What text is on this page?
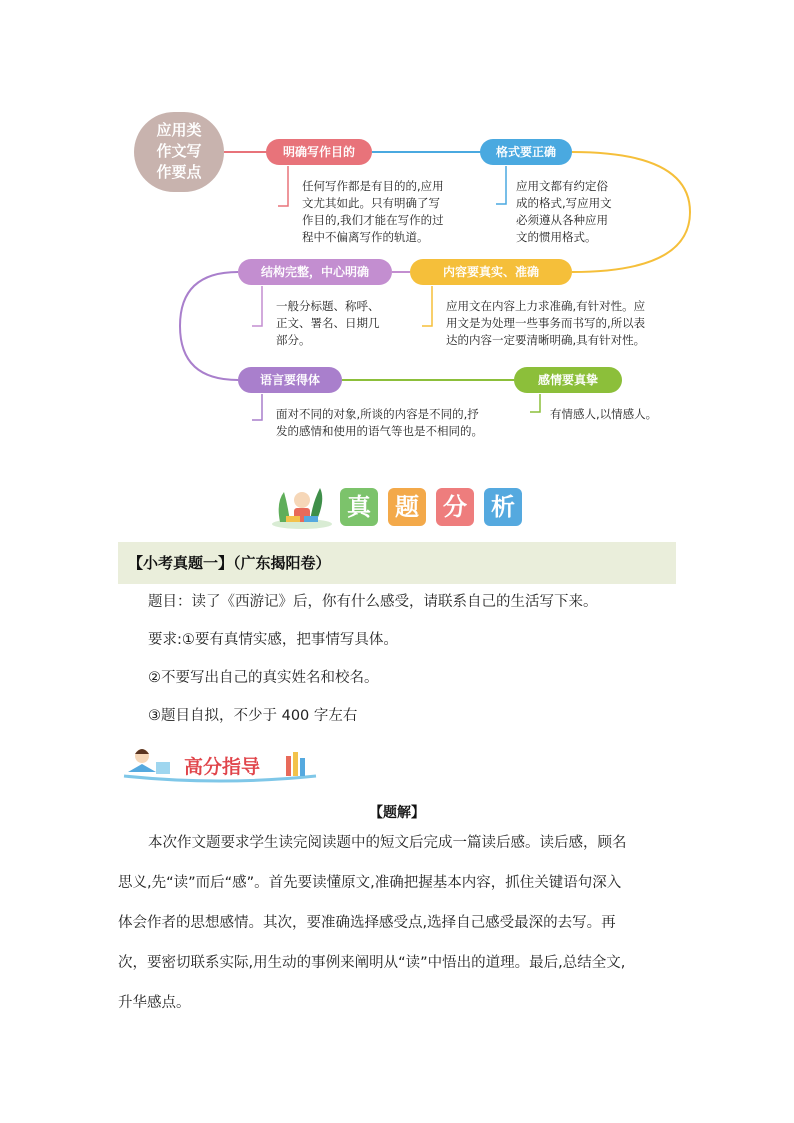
应用类
作文写
作要点
明确写作目的	格式要正确
结构完整，中心明确	内容要真实、准确
语言要得体	感情要真挚
任何写作都是有目的的,应用
文尤其如此。只有明确了写
作目的,我们才能在写作的过
程中不偏离写作的轨道。
应用文都有约定俗
成的格式,写应用文
必须遵从各种应用
文的惯用格式。
一般分标题、称呼、
正文、署名、日期几
部分。
应用文在内容上力求准确,有针对性。应
用文是为处理一些事务而书写的,所以表
达的内容一定要清晰明确,具有针对性。
面对不同的对象,所谈的内容是不同的,抒
发的感情和使用的语气等也是不相同的。
有情感人,以情感人。
真 题 分 析
【小考真题一】（广东揭阳卷）
题目：读了《西游记》后，你有什么感受，请联系自己的生活写下来。
要求:①要有真情实感，把事情写具体。
②不要写出自己的真实姓名和校名。
③题目自拟，不少于 400 字左右
高分指导
【题解】
本次作文题要求学生读完阅读题中的短文后完成一篇读后感。读后感，顾名
思义,先“读”而后“感”。首先要读懂原文,准确把握基本内容，抓住关键语句深入
体会作者的思想感情。其次，要准确选择感受点,选择自己感受最深的去写。再
次，要密切联系实际,用生动的事例来阐明从“读”中悟出的道理。最后,总结全文,
升华感点。
